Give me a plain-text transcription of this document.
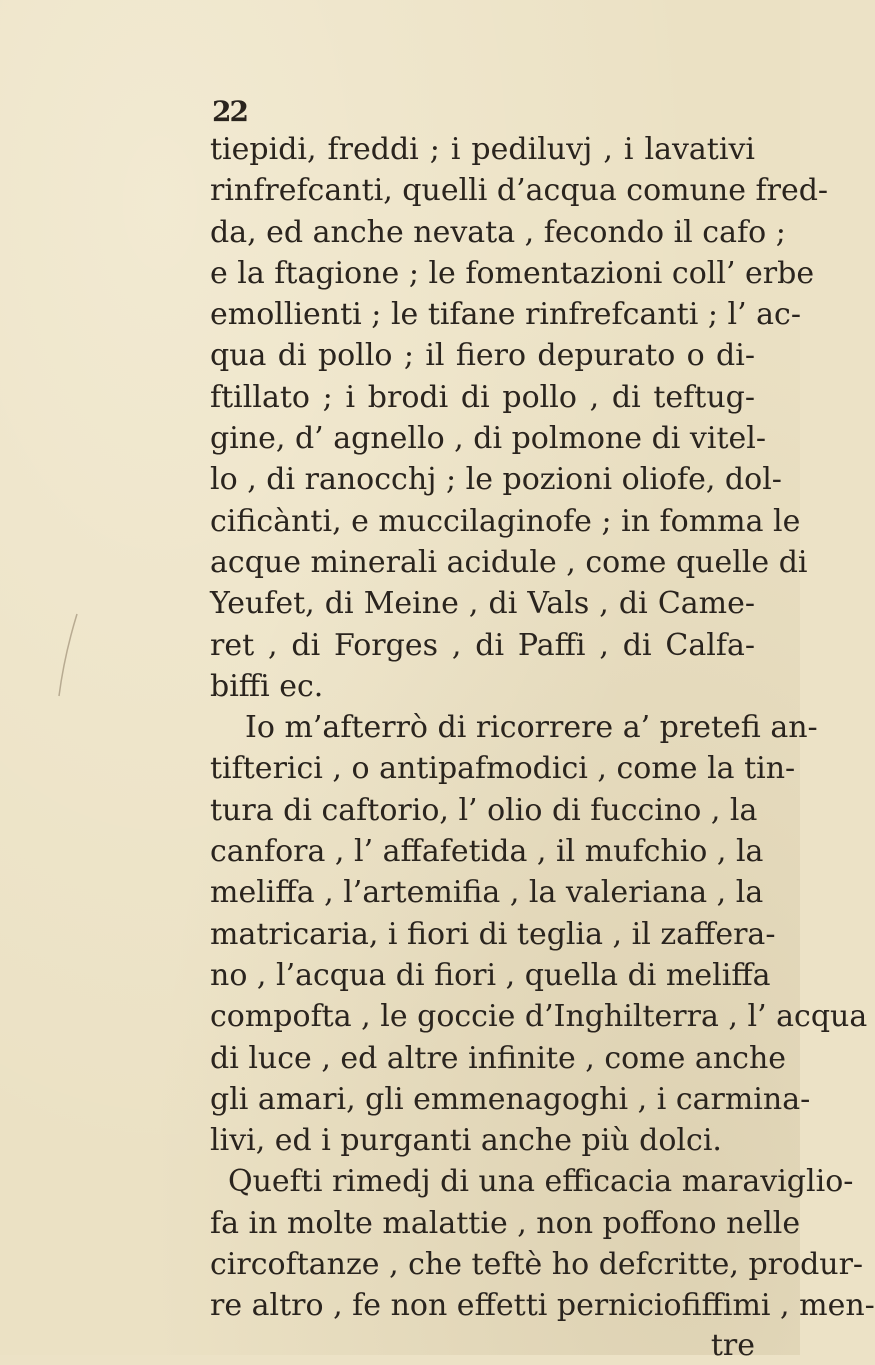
22
tiepidi, freddi ; i pediluvj , i lavativi
rinfrefcanti, quelli d’acqua comune fred-
da, ed anche nevata , fecondo il cafo ;
e la ftagione ; le fomentazioni coll’ erbe
emollienti ; le tifane rinfrefcanti ; l’ ac-
qua di pollo ; il fiero depurato o di-
ftillato ; i brodi di pollo , di teftug-
gine, d’ agnello , di polmone di vitel-
lo , di ranocchj ; le pozioni oliofe, dol-
cificànti, e muccilaginofe ; in fomma le
acque minerali acidule , come quelle di
Yeufet, di Meine , di Vals , di Came-
ret , di Forges , di Paffi , di Calfa-
biffi ec.
Io m’afterrò di ricorrere a’ pretefi an-
tifterici , o antipafmodici , come la tin-
tura di caftorio, l’ olio di fuccino , la
canfora , l’ affafetida , il mufchio , la
meliffa , l’artemifia , la valeriana , la
matricaria, i fiori di teglia , il zaffera-
no , l’acqua di fiori , quella di meliffa
compofta , le goccie d’Inghilterra , l’ acqua
di luce , ed altre infinite , come anche
gli amari, gli emmenagoghi , i carmina-
livi, ed i purganti anche più dolci.
Quefti rimedj di una efficacia maraviglio-
fa in molte malattie , non poffono nelle
circoftanze , che teftè ho defcritte, produr-
re altro , fe non effetti perniciofiffimi , men-
tre
